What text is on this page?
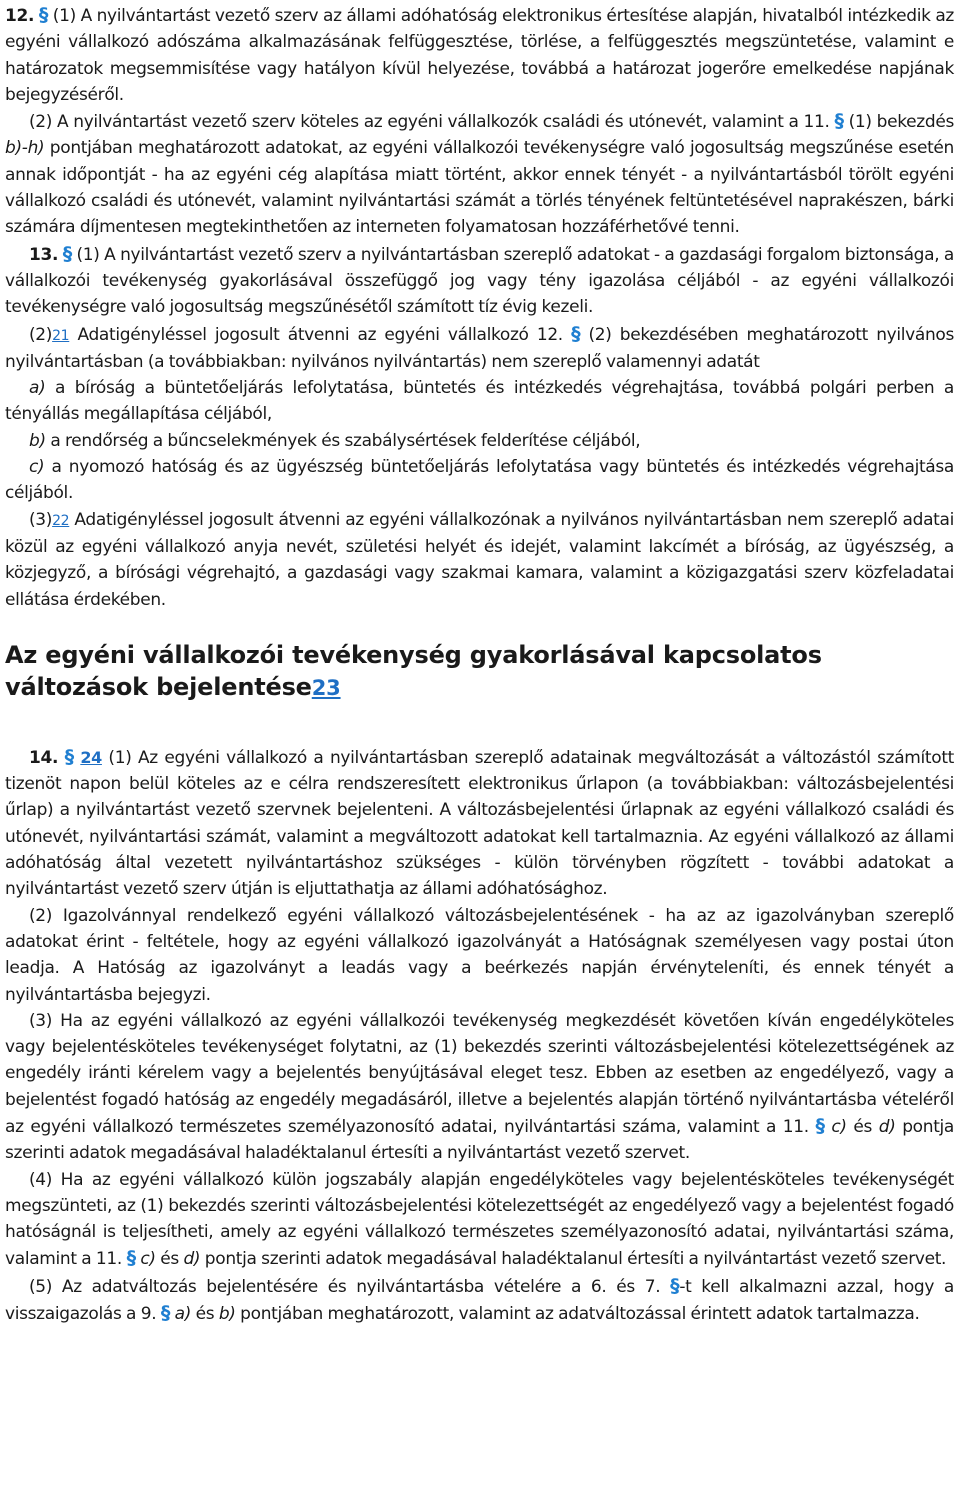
12. § (1) A nyilvántartást vezető szerv az állami adóhatóság elektronikus értesítése alapján, hivatalból intézkedik az egyéni vállalkozó adószáma alkalmazásának felfüggesztése, törlése, a felfüggesztés megszüntetése, valamint e határozatok megsemmisítése vagy hatályon kívül helyezése, továbbá a határozat jogerőre emelkedése napjának bejegyzéséről.

(2) A nyilvántartást vezető szerv köteles az egyéni vállalkozók családi és utónevét, valamint a 11. § (1) bekezdés b)-h) pontjában meghatározott adatokat, az egyéni vállalkozói tevékenységre való jogosultság megszűnése esetén annak időpontját - ha az egyéni cég alapítása miatt történt, akkor ennek tényét - a nyilvántartásból törölt egyéni vállalkozó családi és utónevét, valamint nyilvántartási számát a törlés tényének feltüntetésével naprakészen, bárki számára díjmentesen megtekinthetően az interneten folyamatosan hozzáférhetővé tenni.

13. § (1) A nyilvántartást vezető szerv a nyilvántartásban szereplő adatokat - a gazdasági forgalom biztonsága, a vállalkozói tevékenység gyakorlásával összefüggő jog vagy tény igazolása céljából - az egyéni vállalkozói tevékenységre való jogosultság megszűnésétől számított tíz évig kezeli.

(2)21 Adatigényléssel jogosult átvenni az egyéni vállalkozó 12. § (2) bekezdésében meghatározott nyilvános nyilvántartásban (a továbbiakban: nyilvános nyilvántartás) nem szereplő valamennyi adatát

a) a bíróság a büntetőeljárás lefolytatása, büntetés és intézkedés végrehajtása, továbbá polgári perben a tényállás megállapítása céljából,

b) a rendőrség a bűncselekmények és szabálysértések felderítése céljából,

c) a nyomozó hatóság és az ügyészség büntetőeljárás lefolytatása vagy büntetés és intézkedés végrehajtása céljából.

(3)22 Adatigényléssel jogosult átvenni az egyéni vállalkozónak a nyilvános nyilvántartásban nem szereplő adatai közül az egyéni vállalkozó anyja nevét, születési helyét és idejét, valamint lakcímét a bíróság, az ügyészség, a közjegyző, a bírósági végrehajtó, a gazdasági vagy szakmai kamara, valamint a közigazgatási szerv közfeladatai ellátása érdekében.

Az egyéni vállalkozói tevékenység gyakorlásával kapcsolatos változások bejelentése23

14. § 24 (1) Az egyéni vállalkozó a nyilvántartásban szereplő adatainak megváltozását a változástól számított tizenöt napon belül köteles az e célra rendszeresített elektronikus űrlapon (a továbbiakban: változásbejelentési űrlap) a nyilvántartást vezető szervnek bejelenteni. A változásbejelentési űrlapnak az egyéni vállalkozó családi és utónevét, nyilvántartási számát, valamint a megváltozott adatokat kell tartalmaznia. Az egyéni vállalkozó az állami adóhatóság által vezetett nyilvántartáshoz szükséges - külön törvényben rögzített - további adatokat a nyilvántartást vezető szerv útján is eljuttathatja az állami adóhatósághoz.

(2) Igazolvánnyal rendelkező egyéni vállalkozó változásbejelentésének - ha az az igazolványban szereplő adatokat érint - feltétele, hogy az egyéni vállalkozó igazolványát a Hatóságnak személyesen vagy postai úton leadja. A Hatóság az igazolványt a leadás vagy a beérkezés napján érvényteleníti, és ennek tényét a nyilvántartásba bejegyzi.

(3) Ha az egyéni vállalkozó az egyéni vállalkozói tevékenység megkezdését követően kíván engedélyköteles vagy bejelentésköteles tevékenységet folytatni, az (1) bekezdés szerinti változásbejelentési kötelezettségének az engedély iránti kérelem vagy a bejelentés benyújtásával eleget tesz. Ebben az esetben az engedélyező, vagy a bejelentést fogadó hatóság az engedély megadásáról, illetve a bejelentés alapján történő nyilvántartásba vételéről az egyéni vállalkozó természetes személyazonosító adatai, nyilvántartási száma, valamint a 11. § c) és d) pontja szerinti adatok megadásával haladéktalanul értesíti a nyilvántartást vezető szervet.

(4) Ha az egyéni vállalkozó külön jogszabály alapján engedélyköteles vagy bejelentésköteles tevékenységét megszünteti, az (1) bekezdés szerinti változásbejelentési kötelezettségét az engedélyező vagy a bejelentést fogadó hatóságnál is teljesítheti, amely az egyéni vállalkozó természetes személyazonosító adatai, nyilvántartási száma, valamint a 11. § c) és d) pontja szerinti adatok megadásával haladéktalanul értesíti a nyilvántartást vezető szervet.

(5) Az adatváltozás bejelentésére és nyilvántartásba vételére a 6. és 7. §-t kell alkalmazni azzal, hogy a visszaigazolás a 9. § a) és b) pontjában meghatározott, valamint az adatváltozással érintett adatok tartalmazza.
